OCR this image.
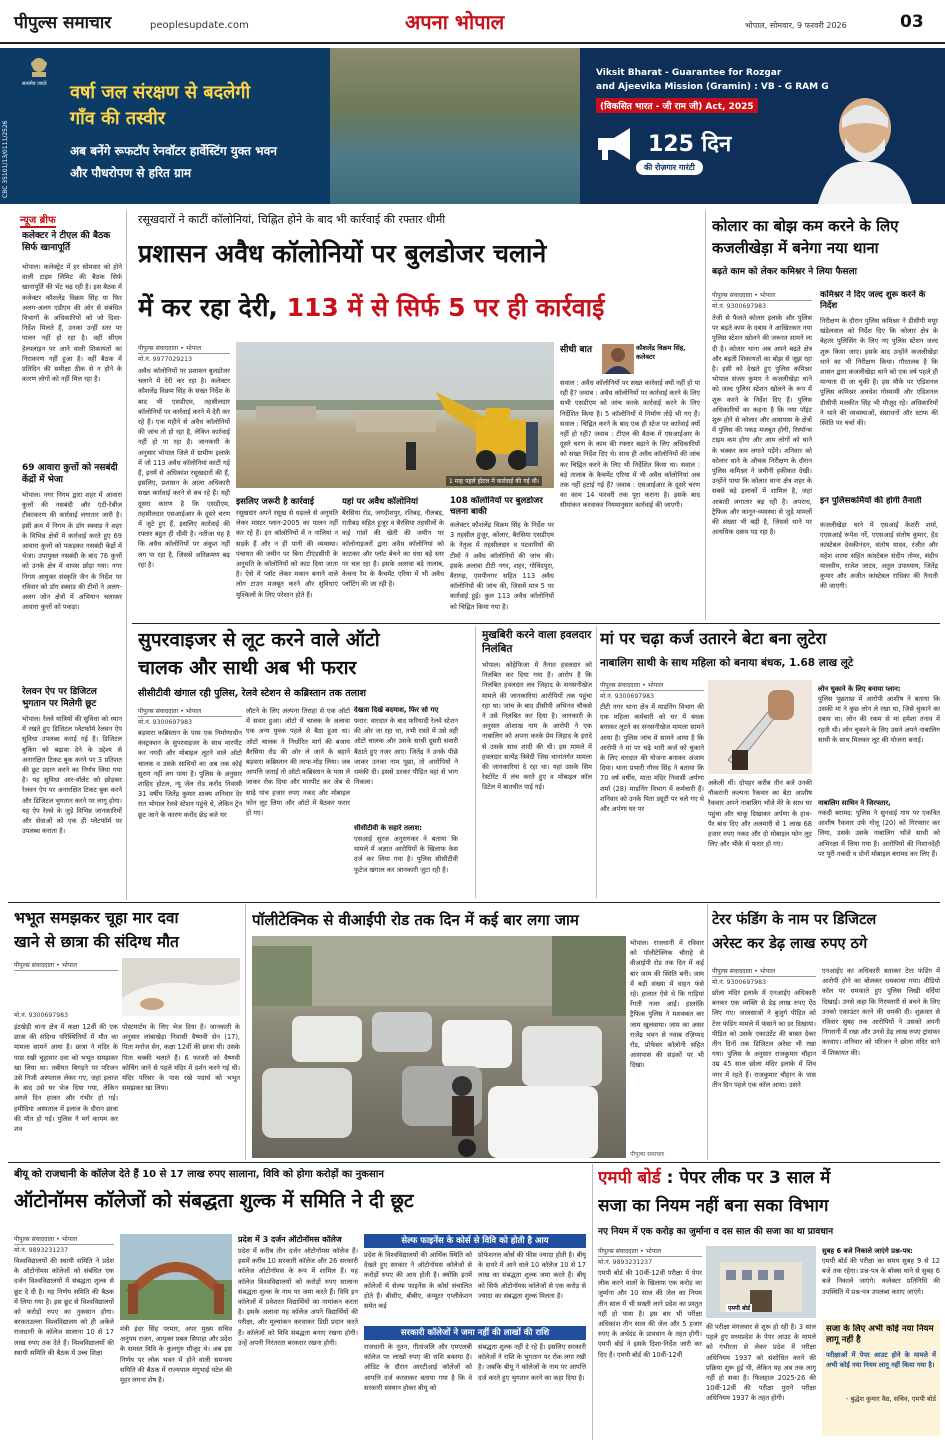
पीपुल्स समाचार	peoplesupdate.com	अपना भोपाल	भोपाल, सोमवार, 9 फरवरी 2026	03
CBC 35101/13/0111/2526
सत्यमेव जयते वर्षा जल संरक्षण से बदलेगी
गाँव की तस्वीर
अब बनेंगे रूफटॉप रेनवॉटर हार्वेस्टिंग युक्त भवन
और पौधरोपण से हरित ग्राम
Viksit Bharat - Guarantee for Rozgar
and Ajeevika Mission (Gramin) : VB - G RAM G
(विकसित भारत - जी राम जी) Act, 2025
125 दिन
की रोज़गार गारंटी
न्यूज ब्रीफ
कलेक्टर ने टीएल की बैठक सिर्फ खानापूर्ति
भोपाल। कलेक्ट्रेट में हर सोमवार को होने वाली टाइम लिमिट की बैठक सिर्फ खानापूर्ति की भेंट चढ़ रही है। इस बैठक में कलेक्टर कौशलेंद्र विक्रम सिंह या फिर अलग-अलग एडीएम की ओर से संबंधित विभागों के अधिकारियों को जो दिशा-निर्देश मिलते हैं, उनका उन्हीं स्तर पर पालन नहीं हो रहा है। वहीं सीएम हेल्पलाइन पर आने वाली शिकायतों का निराकरण नहीं हुआ है। वहीं बैठक में प्रतिदिन की समीक्षा ठीक से न होने के कारण लोगों को नहीं मिल रहा है।
69 आवारा कुत्तों को नसबंदी केंद्रों में भेजा
भोपाल। नगर निगम द्वारा शहर में आवारा कुत्तों की नसबंदी और एंटी-रेबीज टीकाकरण की कार्रवाई लगातार जारी है। इसी क्रम में निगम के डॉग स्क्वाड ने शहर के विभिन्न क्षेत्रों में कार्रवाई करते हुए 69 आवारा कुत्तों को पकड़कर नसबंदी केंद्रों में भेजा। उपायुक्त नसबंदी के बाद 76 कुत्तों को उनके क्षेत्र में वापस छोड़ा गया। नगर निगम आयुक्त संस्कृति जैन के निर्देश पर रविवार को डॉग स्क्वाड की टीमों ने अलग-अलग जोन क्षेत्रों में अभियान चलाकर आवारा कुत्तों को पकड़ा।
रेलवन ऐप पर डिजिटल भुगतान पर मिलेगी छूट
भोपाल। रेलवे यात्रियों की सुविधा को ध्यान में रखते हुए डिजिटल प्लेटफॉर्म रेलवन ऐप सुविधा उपलब्ध कराई गई है। डिजिटल बुकिंग को बढ़ावा देने के उद्देश्य से अनारक्षित टिकट बुक करने पर 3 प्रतिशत की छूट प्रदान करने का निर्णय लिया गया है। यह सुविधा आर-वॉलेट को छोड़कर रेलवन ऐप पर अनारक्षित टिकट बुक करने और डिजिटल भुगतान करने पर लागू होगा। यह ऐप रेलवे के जुड़े विभिन्न जानकारियों और सेवाओं को एक ही प्लेटफॉर्म पर उपलब्ध कराता है।
रसूखदारों ने काटीं कॉलोनियां, चिह्नित होने के बाद भी कार्रवाई की रफ्तार धीमी
प्रशासन अवैध कॉलोनियों पर बुलडोजर चलाने
में कर रहा देरी, 113 में से सिर्फ 5 पर ही कार्रवाई
पीपुल्स संवाददाता • भोपाल
मो.नं. 9977029213
अवैध कॉलोनियों पर प्रशासन बुलडोजर चलाने में देरी कर रहा है। कलेक्टर कौशलेंद्र विक्रम सिंह के सख्त निर्देश के बाद भी एसडीएम, तहसीलदार कॉलोनियों पर कार्रवाई करने में देरी कर रहे हैं। एक महीने से अवैध कॉलोनियों की जांच तो हो रहा है, लेकिन कार्रवाई नहीं हो पा रहा है। जानकारी के अनुसार भोपाल जिले में ग्रामीण इलाके में जो 113 अवैध कॉलोनियां काटी गई हैं, इनमें से अधिकांश रसूखदारों की हैं, इसलिए, प्रशासन के आला अधिकारी सख्त कार्रवाई करने से बच रहे हैं। यही दूसरा कारण है कि एसडीएम, तहसीलदार एसआईआर के दूसरे चरण में जुटे हुए हैं, इसलिए कार्रवाई की रफ्तार बहुत ही धीमी है। नतीजा यह है कि अवैध कॉलोनियों पर अंकुश नहीं लग पा रहा है, जिससे अतिक्रमण बढ़ रहा है।
1 माह पहले होटल में कार्रवाई की गई थी।
सीधी बात	कौशलेंद्र विक्रम सिंह, कलेक्टर
सवाल : अवैध कॉलोनियों पर सख्त कार्रवाई क्यों नहीं हो पा रही है? जवाब : अवैध कॉलोनियों पर कार्रवाई करने के लिए सभी एसडीएम को जांच करके कार्रवाई करने के लिए निर्देशित किया है। 5 कॉलोनियों में निर्माण तोड़े भी गए हैं। सवाल : चिह्नित करने के बाद एक ही स्टेज पर कार्रवाई क्यों नहीं हो रही? जवाब : टीएल की बैठक में एसआईआर के दूसरे चरण के काम की रफ्तार बढ़ाने के लिए अधिकारियों को सख्त निर्देश दिए थे। साथ ही अवैध कॉलोनियों की जांच कर चिह्नित करने के लिए भी निर्देशित किया था। सवाल : बड़े तालाब के कैचमेंट एरिया में भी अवैध कॉलोनियां अब तक नहीं हटाई गई हैं? जवाब : एसआईआर के दूसरे चरण का काम 14 फरवरी तक पूरा कराना है। इसके बाद सीमांकन करवाकर नियमानुसार कार्रवाई की जाएगी।
इसलिए जरूरी है कार्रवाई
रसूखदार अपने रसूख से धड़ल्ले से अनुमति लेकर मास्टर प्लान-2005 का पालन नहीं कर रहे हैं। इन कॉलोनियों में न नालियां न सड़कें हैं और न ही पानी की व्यवस्था। पंचायत की जमीन पर बिना टीएंडसीपी के अनुमति के कॉलोनियों को काट दिया जाता है। ऐसे में प्लॉट लेकर मकान बनाने वाले लोग टाउन मजबूत करने और सुविधाएं मुश्किलों के लिए परेशान होते हैं।
यहां पर अवैध कॉलोनियां
बैरसिया रोड, जगदीशपुर, रतिबड़, नीलबड़, रातीबड़ सहित हुजूर व बैरसिया तहसीलों के कई गांवों की खेती की जमीन पर कॉलोनाइजरों द्वारा अवैध कॉलोनियां को काटकर और प्लॉट बेचने का धंधा बड़े स्तर पर चल रहा है। इसके अलावा बड़े तालाब, केचना रैम के कैचमेंट एरिया में भी अवैध प्लॉटिंग की जा रही है।
108 कॉलोनियों पर बुलडोजर चलना बाकी
कलेक्टर कौशलेंद्र विक्रम सिंह के निर्देश पर 3 तहसील हुजूर, कोलार, बैरसिया एसडीएम के नेतृत्व में तहसीलदार व पटवारियों की टीमों ने अवैध कॉलोनियों की जांच की। इसके अलावा टीटी नगर, शहर, गोविंदपुरा, बैरागढ़, एमपीनगर सहित 113 अवैध कॉलोनियों की जांच की, जिसमें मात्र 5 पर कार्रवाई हुई। कुल 113 अवैध कॉलोनियों को चिह्नित किया गया है।
कोलार का बोझ कम करने के लिए
कजलीखेड़ा में बनेगा नया थाना
बढ़ते काम को लेकर कमिश्नर ने लिया फैसला
पीपुल्स संवाददाता • भोपाल
मो.नं. 9300697983
तेजी से फैलते कोलार इलाके और पुलिस पर बढ़ते काम के दबाव ने आखिरकार नया पुलिस स्टेशन खोलने की जरूरत सामने ला दी है। कोलार थाना अब अपने बढ़ते क्षेत्र और बढ़ती शिकायतों का बोझ से जूझ रहा है। इसी को देखते हुए पुलिस कमिश्नर भोपाल संजय कुमार ने कजलीखेड़ा थाने को जल्द पुलिस स्टेशन खोलने के रूप में शुरू करने के निर्देश दिए हैं। पुलिस अधिकारियों का कहना है कि नया पॉइंट शुरू होने से कोलार और आसपास के क्षेत्रों में पुलिस की पकड़ मजबूत होगी, रिस्पॉन्स टाइम कम होगा और आम लोगों को थाने के चक्कर कम लगाने पड़ेंगे। शनिवार को कोलार थाने के औचक निरीक्षण के दौरान पुलिस कमिश्नर ने जमीनी हकीकत देखी। उन्होंने पाया कि कोलार थाना क्षेत्र शहर के सबसे बड़े इलाकों में शामिल है, जहां आबादी लगातार बढ़ रही है। अपराध, ट्रैफिक और कानून-व्यवस्था से जुड़े मामलों की संख्या भी बढ़ी है, जिससे थाने पर अत्यधिक दबाव पड़ रहा है।
कमिश्नर ने दिए जल्द शुरू करने के निर्देश
निरीक्षण के दौरान पुलिस कमिश्नर ने डीसीपी मयूर खंडेलवाल को निर्देश दिए कि कोलार क्षेत्र के बेहतर पुलिसिंग के लिए नए पुलिस स्टेशन जल्द शुरू किया जाए। इसके बाद उन्होंने कजलीखेड़ा थाने का भी निरीक्षण किया। गौरतलब है कि शासन द्वारा कजलीखेड़ा थाने को एक वर्ष पहले ही मान्यता दी जा चुकी है। इस मौके पर एडिशनल पुलिस कमिश्नर अवधेश गोस्वामी और एडिशनल डीसीपी मलकीत सिंह भी मौजूद रहे। अधिकारियों ने थाने की व्यवस्थाओं, संसाधनों और स्टाफ की स्थिति पर चर्चा की।
इन पुलिसकर्मियों की होगी तैनाती
कजलीखेड़ा थाने में एसआई केशरी शर्मा, एएसआई रूपेश नर्रे, एएसआई संतोष कुमार, हेड कांस्टेबल देवकीनंदन, संतोष यादव, रंजीत और महेश शरमा सहित कांस्टेबल संदीप तोमर, संदीप मालवीय, राजेश जाटव, अतुल उपाध्याय, जितेंद्र कुमार और अजीत कांस्टेबल राधिका की तैनाती की जाएगी।
सुपरवाइजर से लूट करने वाले ऑटो
चालक और साथी अब भी फरार
सीसीटीवी खंगाल रही पुलिस, रेलवे स्टेशन से कब्रिस्तान तक तलाश
पीपुल्स संवाददाता • भोपाल
मो.नं. 9300697983
बड़वारा कब्रिस्तान के पास एक निर्माणाधीन कंस्ट्रक्शन के सुपरवाइजर के साथ मारपीट कर नगदी और मोबाइल लूटने वाले ऑटो चालक व उसके साथियों का अब तक कोई सुराग नहीं लग पाया है। पुलिस के अनुसार शाहिद होटल, न्यू जेल रोड करोंद निवासी 31 वर्षीय जितेंद्र कुमार शाक्य शनिवार देर रात भोपाल रेलवे स्टेशन पहुंचे थे, लेकिन ट्रेन छूट जाने के कारण करोंद छेड़ बजे घर
लौटने के लिए अल्पना तिराहा से एक ऑटो में सवार हुआ। ऑटो में चालक के अलावा एक अन्य युवक पहले से बैठा हुआ था। ऑटो चालक ने निर्धारित मार्ग की बजाय बैरसिया रोड की ओर ले जाने के बहाने बड़वारा कब्रिस्तान की तरफ मोड़ लिया। जब आपत्ति जताई तो ऑटो कब्रिस्तान के पास ले जाकर रोक दिया और मारपीट कर जेब से साढ़े पांच हजार रुपए नकद और मोबाइल फोन लूट लिया और ऑटो में बैठकर फरार हो गए।
देखता दिखे बदमाश, फिर सो गए
फरार: वारदात के बाद फरियादी रेलवे स्टेशन की ओर जा रहा था, तभी रास्ते में उसे वही ऑटो चालक और उसके साथी दूसरी सवारी बैठाते हुए नजर आए। जितेंद्र ने उनके पीछे जाकर उनका नाम पूछा, तो आरोपियों ने धमकी दी। इससे डरकर पीड़ित वहां से भाग निकला।
सीसीटीवी के सहारे तलाश:
एसआई सुरज अनुरागकर ने बताया कि मामले में अज्ञात आरोपियों के खिलाफ केस दर्ज कर लिया गया है। पुलिस सीसीटीवी फुटेज खंगाल कर जानकारी जुटा रही है।
मुखबिरी करने वाला हवलदार निलंबित
भोपाल। कोहेफिजा में तैनात हवलदार को निलंबित कर दिया गया है। आरोप है कि निलंबित हवलदार लव जिहाद के सनसनीखेज मामले की जानकारियां आरोपियों तक पहुंचा रहा था। जांच के बाद डीसीपी अभिनव चौकसे ने उसे निलंबित कर दिया है। जानकारी के अनुसार ओशाख नाम के आरोपी ने एक नाबालिग को अपना करके प्रेम जिहाद के इरादे से उसके साथ शादी की थी। इस मामले में हवलदार सत्येंद्र त्रिवेदी जिस थानांतर्गत मामला की जानकारियां दे रहा था। यहां उसके सिम रेस्टोरेंट में लंच करते हुए व मोबाइल कॉल डिटेल में बातचीत पाई गई।
मां पर चढ़ा कर्ज उतारने बेटा बना लुटेरा
नाबालिग साथी के साथ महिला को बनाया बंधक, 1.68 लाख लूटे
पीपुल्स संवाददाता • भोपाल
मो.नं. 9300697983
टीटी नगर थाना क्षेत्र में माडनिंग विभाग की एक महिला कर्मचारी को घर में बंधक बनाकर लूटने का सनसनीखेज मामला सामने आया है। पुलिस जांच में सामने आया है कि आरोपी ने मां पर चढ़े भारी कर्ज को चुकाने के लिए वारदात की योजना बनाकर अंजाम दिया। थाना प्रभारी गौरव सिंह ने बताया कि 70 वर्ष वर्षीय, माता मंदिर निवासी अर्पणा शर्मा (28) माडनिंग विभाग में कर्मचारी हैं। शनिवार को उनके पिता ड्यूटी पर चले गए थे और अर्पणा घर पर
अकेली थीं। दोपहर करीब तीन बजे उनकी नौकरानी कल्पना रैकवार का बेटा आशीष रैकवार अपने नाबालिग भाँजे मेरे के साथ घर पहुंचा और चाकू दिखाकर अर्पणा के हाथ-पैर बांध दिए और अलमारी से 1 लाख 68 हजार रुपए नकद और दो मोबाइल फोन लूट लिए और भीके से फरार हो गए।
लोन चुकाने के लिए बनाया प्लान:
पुलिस पूछताछ में आरोपी आशीष ने बताया कि उसकी मां ने कुछ लोन ले रखा था, जिसे चुकाने का दबाव था। लोन की रकम से मां हमेशा तनाव में रहती थी। लोन चुकाने के लिए उसने अपने नाबालिग साथी के साथ मिलकर लूट की योजना बनाई।
नाबालिग साथिन ने जिरफ्तार,
नकदी बरामद: पुलिस ने सुनवाई गाय पर एकत्रित आशीष रैकवार उर्फ गोलू (20) को गिरफ्तार कर लिया, उसके उसके नाबालिग भाँजे साथी को अभिरक्षा में लिया गया है। आरोपियों की निशानदेही पर पूरी नकदी व दोनों मोबाइल बरामद कर लिए हैं।
भभूत समझकर चूहा मार दवा
खाने से छात्रा की संदिग्ध मौत
पीपुल्स संवाददाता • भोपाल
मो.नं. 9300697983
इंटखेड़ी थाना क्षेत्र में कक्षा 12वीं की एक छात्रा की संदिग्ध परिस्थितियों में मौत का मामला सामने आया है। छात्रा ने मंदिर के पास रखी चूहामार दवा को भभूत समझकर खा लिया था। तबीयत बिगड़ने पर परिजन उसे निजी अस्पताल लेकर गए, जहां इलाज के बाद उसे घर भेज दिया गया, लेकिन अगले दिन हालत और गंभीर हो गई। हमीदिया अस्पताल में इलाज के दौरान छात्रा की मौत हो गई। पुलिस ने मर्ग कायम कर शव
पोस्टमार्टम के लिए भेज दिया है। जानकारी के अनुसार लांबाखेड़ा निवासी वैष्णवी सेन (17), पिता मनोज सेन, कक्षा 12वीं की छात्रा थी। उसके पिता चक्की चलाते हैं। 6 फरवरी को वैष्णवी कोचिंग जाने से पहले मंदिर में दर्शन करने गई थी। मंदिर परिसर के पास रखे पदार्थ को भभूत समझकर खा लिया।
पॉलीटेक्निक से वीआईपी रोड तक दिन में कई बार लगा जाम
भोपाल। राजधानी में रविवार को पॉलीटेक्निक चौराहे से वीआईपी रोड तक दिन में कई बार जाम की स्थिति बनी। जाम में बड़ी संख्या में वाहन फंसे रहे। हालात ऐसे थे कि गाड़ियां रेंगती नजर आईं। हालांकि ट्रैफिक पुलिस ने मशक्कत कर जाम खुलवाया। जाम का असर राजेंद्र भवन से नवाब रज़िय्यद रोड, प्रोफेसर कॉलोनी सहित आसपास की सड़कों पर भी दिखा।
पीपुल्स समाचार
टेरर फंडिंग के नाम पर डिजिटल
अरेस्ट कर डेढ़ लाख रुपए ठगे
पीपुल्स संवाददाता • भोपाल
मो.नं. 9300697983
छोला मंदिर इलाके में एनआईए अधिकारी बनकर एक व्यक्ति से डेढ़ लाख रुपए ऐंठ लिए गए। जालसाजों ने बुजुर्ग पीड़ित को टेरर फंडिंग मामले में फंसाने का डर दिखाया। पीड़ित को उसके एकाउंटेंट की बाबत देकर तीन दिनों तक डिजिटल अरेस्ट भी रखा गया। पुलिस के अनुसार राजकुमार चौहान उम्र 45 साल छोला मंदिर इलाके में शिव नगर में रहते हैं। राजकुमार चौहान के पास तीन दिन पहले एक कॉल आया। उसने
एनआईए का अधिकारी बताकर टेरर फंडिंग में आरोपी होने का बोलकर धमकाया गया। वीडियो कॉल पर धमकाते हुए पुलिस लिखी वर्दियां दिखाईं। उनसे कहा कि गिरफ्तारी से बचने के लिए उनको एकाउंटर करने की धमकी दी। शुक्रवार से रविवार सुबह तक आरोपियों ने उसको अपनी निगरानी में रखा और उनसे डेढ़ लाख रुपए ट्रांसफर करवाए। शनिवार को परिजन ने छोला मंदिर थाने में शिकायत की।
बीयू को राजधानी के कॉलेज देते हैं 10 से 17 लाख रुपए सालाना, विवि को होगा करोड़ों का नुकसान
ऑटोनॉमस कॉलेजों को संबद्धता शुल्क में समिति ने दी छूट
पीपुल्स संवाददाता • भोपाल
मो.नं. 9893231237
विश्वविद्यालयों की स्थायी समिति ने प्रदेश के ऑटोनॉमस कॉलेजों को संबंधित एक दर्जन विश्वविद्यालयों में संबद्धता शुल्क से छूट दे दी है। यह निर्णय समिति की बैठक में लिया गया है। इस छूट से विश्वविद्यालयों को करोड़ों रुपए का नुकसान होगा। बरकतउल्ला विश्वविद्यालय को ही अकेले राजधानी के कॉलेज सालाना 10 से 17 लाख रुपए तक देते हैं। विश्वविद्यालयों की स्थायी समिति की बैठक में उच्च शिक्षा
मंत्री इंदर सिंह परमार, अपर मुख्य सचिव अनुपम राजन, आयुक्त प्रबल सिपाहा और प्रदेश के समस्त विवि के कुलगुरु मौजूद थे। अब इस निर्णय पर लोक भवन में होने वाली समन्वय समिति की बैठक में राज्यपाल मंगुभाई पटेल की मुहर लगना शेष है।
प्रदेश में 3 दर्जन ऑटोनॉमस कॉलेज
प्रदेश में करीब तीन दर्जन ऑटोनॉमस कॉलेज हैं। इसमें करीब 10 सरकारी कॉलेज और 26 सरकारी कॉलेज ऑटोनॉमस के रूप में शामिल हैं। यह कॉलेज विश्वविद्यालयों को करोड़ों रुपए सालाना संबद्धता शुल्क के नाम पर जमा करते हैं। विवि इन कॉलेजों में प्रवेशरत विद्यार्थियों का नामांकन करता है। इसके अलावा यह कॉलेज अपने विद्यार्थियों की परीक्षा, और मूल्यांकन करवाकर डिग्री प्रदान करते हैं। कॉलेजों को विवि संबद्धता बनाए रखना होगी। उन्हें अपनी निरंतरता बरकरार रखना होगी।
सेल्फ फाइनेंस के कोर्स से विवि को होती है आय
प्रदेश के विश्वविद्यालयों की आर्थिक स्थिति को देखते हुए सरकार ने ऑटोनॉमस कॉलेजों से करोड़ों रुपए की आय होती है। क्योंकि इनमें कॉलेजों में सेल्फ फाइनेंस के कोर्स संचालित होते हैं। बीसीए, बीबीए, कंप्यूटर एप्लीकेशन समेत कई
प्रोफेशनल कोर्स की फीस ज्यादा होती है। बीयू के दायरे में आने वाले 10 कॉलेज 10 से 17 लाख का संबद्धता शुल्क जमा करते हैं। बीयू को सिर्फ ऑटोनॉमस कॉलेजों से एक करोड़ से ज्यादा का संबद्धता शुल्क मिलता है।
सरकारी कॉलेजों ने जमा नहीं की लाखों की राशि
राजधानी के नूतन, गीतांजलि और एमएलबी कॉलेज पर लाखों रुपए की राशि बकाया है। ऑडिट के दौरान आरटीआई कॉलेजों को आपत्ति दर्ज करवाकर बताया गया है कि वे सरकारी संस्थान होकर बीयू को
संबद्धता शुल्क नहीं दे रहे हैं। इसलिए सरकारी कॉलेजों ने राशि के भुगतान पर रोक लगा रखी है। जबकि बीयू ने कॉलेजों के नाम पर आपत्ति दर्ज करते हुए भुगतान करने का कहा दिया है।
एमपी बोर्ड : पेपर लीक पर 3 साल में
सजा का नियम नहीं बना सका विभाग
नए नियम में एक करोड़ का जुर्माना व दस साल की सजा का था प्रावधान
पीपुल्स संवाददाता • भोपाल
मो.नं. 9893231237
एमपी बोर्ड की 10वीं-12वीं परीक्षा में पेपर लीक करने वालों के खिलाफ एक करोड़ का जुर्माना और 10 साल की जेल का नियम तीन साल में भी सख्ती लाने प्रदेश का प्रस्तुत नहीं हो पाया है। इस बार भी परीक्षा अधिकांश तीन साल की जेल और 5 हजार रुपए के अर्थदंड के प्रावधान के तहत होगी। एमपी बोर्ड ने इसके दिशा-निर्देश जारी कर दिए हैं। एमपी बोर्ड की 10वीं-12वीं
एमपी बोर्ड
की परीक्षा मंगलवार से शुरू हो रही है। 3 साल पहले हुए मध्यप्रदेश के पेपर आउट के मामले को गंभीरता से लेकर प्रदेश में परीक्षा अधिनियम 1937 को संशोधित करने की प्रक्रिया शुरू हुई थी, लेकिन यह अब तक लागू नहीं हो सका है। फिलहाल 2025-26 की 10वीं-12वीं की परीक्षा पुराने परीक्षा अधिनियम 1937 के तहत होगी।
सुबह 6 बजे निकाले जाएंगे प्रश्न-पत्र:
एमपी बोर्ड की परीक्षा का समय सुबह 9 से 12 बजे तक रहेगा। प्रश्न-पत्र के बॉक्स थाने से सुबह 6 बजे निकाले जाएंगे। कलेक्टर प्रतिनिधि की उपस्थिति में प्रश्न-पत्र उपलब्ध कराए जाएंगे।
सजा के लिए अभी कोई नया नियम लागू नहीं है
परीक्षाओं में पेपर आउट होने के मामले में अभी कोई नया नियम लागू नहीं किया गया है।
- बुद्धेश कुमार वैद्य, सचिव, एमपी बोर्ड
